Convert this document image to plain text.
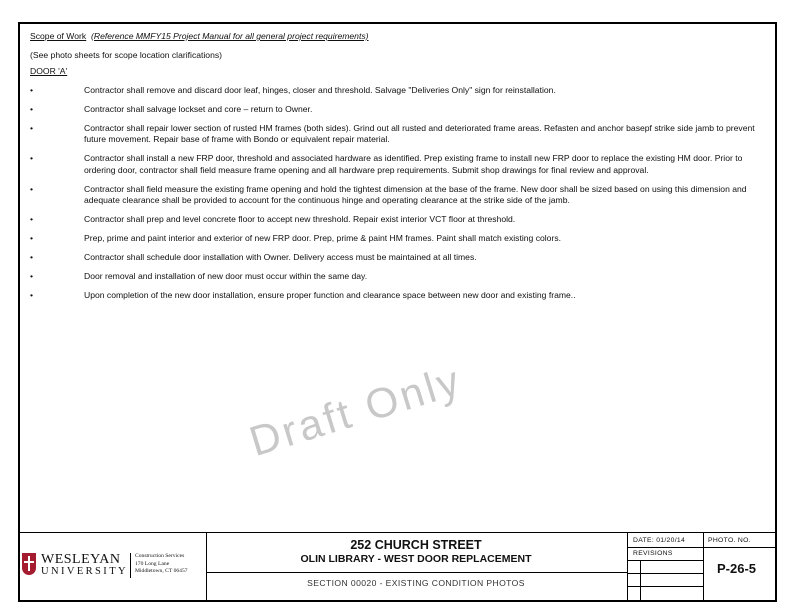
Scope of Work (Reference MMFY15 Project Manual for all general project requirements)
(See photo sheets for scope location clarifications)
DOOR 'A'
•	Contractor shall remove and discard door leaf, hinges, closer and threshold. Salvage "Deliveries Only" sign for reinstallation.
•	Contractor shall salvage lockset and core – return to Owner.
•	Contractor shall repair lower section of rusted HM frames (both sides). Grind out all rusted and deteriorated frame areas. Refasten and anchor basepf strike side jamb to prevent future movement. Repair base of frame with Bondo or equivalent repair material.
•	Contractor shall install a new FRP door, threshold and associated hardware as identified. Prep existing frame to install new FRP door to replace the existing HM door. Prior to ordering door, contractor shall field measure frame opening and all hardware prep requirements. Submit shop drawings for final review and approval.
•	Contractor shall field measure the existing frame opening and hold the tightest dimension at the base of the frame. New door shall be sized based on using this dimension and adequate clearance shall be provided to account for the continuous hinge and operating clearance at the strike side of the jamb.
•	Contractor shall prep and level concrete floor to accept new threshold. Repair exist interior VCT floor at threshold.
•	Prep, prime and paint interior and exterior of new FRP door. Prep, prime & paint HM frames. Paint shall match existing colors.
•	Contractor shall schedule door installation with Owner. Delivery access must be maintained at all times.
•	Door removal and installation of new door must occur within the same day.
•	Upon completion of the new door installation, ensure proper function and clearance space between new door and existing frame..
Draft Only
WESLEYAN
UNIVERSITY
Construction Services
170 Long Lane
Middletown, CT 06457
252 CHURCH STREET
OLIN LIBRARY - WEST DOOR REPLACEMENT
SECTION 00020 - EXISTING CONDITION PHOTOS
DATE: 01/20/14
REVISIONS
PHOTO. NO.
P-26-5
